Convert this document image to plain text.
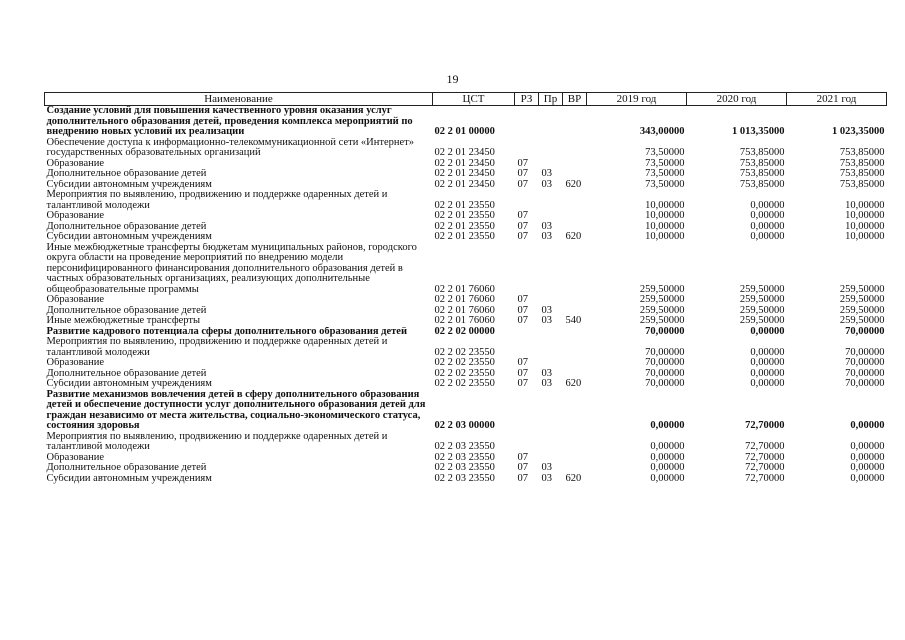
19
Наименование	ЦСТ	РЗ	Пр	ВР	2019 год	2020 год	2021 год
Создание условий для повышения качественного уровня оказания услуг дополнительного образования детей, проведения комплекса мероприятий по внедрению новых условий их реализации	02 2 01 00000				343,00000	1 013,35000	1 023,35000
Обеспечение доступа к информационно-телекоммуникационной сети «Интернет» государственных образовательных организаций	02 2 01 23450				73,50000	753,85000	753,85000
Образование	02 2 01 23450	07			73,50000	753,85000	753,85000
Дополнительное образование детей	02 2 01 23450	07	03		73,50000	753,85000	753,85000
Субсидии автономным учреждениям	02 2 01 23450	07	03	620	73,50000	753,85000	753,85000
Мероприятия по выявлению, продвижению и поддержке одаренных детей и талантливой молодежи	02 2 01 23550				10,00000	0,00000	10,00000
Образование	02 2 01 23550	07			10,00000	0,00000	10,00000
Дополнительное образование детей	02 2 01 23550	07	03		10,00000	0,00000	10,00000
Субсидии автономным учреждениям	02 2 01 23550	07	03	620	10,00000	0,00000	10,00000
Иные межбюджетные трансферты бюджетам муниципальных районов, городского округа области на проведение мероприятий по внедрению модели персонифицированного финансирования дополнительного образования детей в частных образовательных организациях, реализующих дополнительные общеобразовательные программы	02 2 01 76060				259,50000	259,50000	259,50000
Образование	02 2 01 76060	07			259,50000	259,50000	259,50000
Дополнительное образование детей	02 2 01 76060	07	03		259,50000	259,50000	259,50000
Иные межбюджетные трансферты	02 2 01 76060	07	03	540	259,50000	259,50000	259,50000
Развитие кадрового потенциала сферы дополнительного образования детей	02 2 02 00000				70,00000	0,00000	70,00000
Мероприятия по выявлению, продвижению и поддержке одаренных детей и талантливой молодежи	02 2 02 23550				70,00000	0,00000	70,00000
Образование	02 2 02 23550	07			70,00000	0,00000	70,00000
Дополнительное образование детей	02 2 02 23550	07	03		70,00000	0,00000	70,00000
Субсидии автономным учреждениям	02 2 02 23550	07	03	620	70,00000	0,00000	70,00000
Развитие механизмов вовлечения детей в сферу дополнительного образования детей и обеспечение доступности услуг дополнительного образования детей для граждан независимо от места жительства, социально-экономического статуса, состояния здоровья	02 2 03 00000				0,00000	72,70000	0,00000
Мероприятия по выявлению, продвижению и поддержке одаренных детей и талантливой молодежи	02 2 03 23550				0,00000	72,70000	0,00000
Образование	02 2 03 23550	07			0,00000	72,70000	0,00000
Дополнительное образование детей	02 2 03 23550	07	03		0,00000	72,70000	0,00000
Субсидии автономным учреждениям	02 2 03 23550	07	03	620	0,00000	72,70000	0,00000
